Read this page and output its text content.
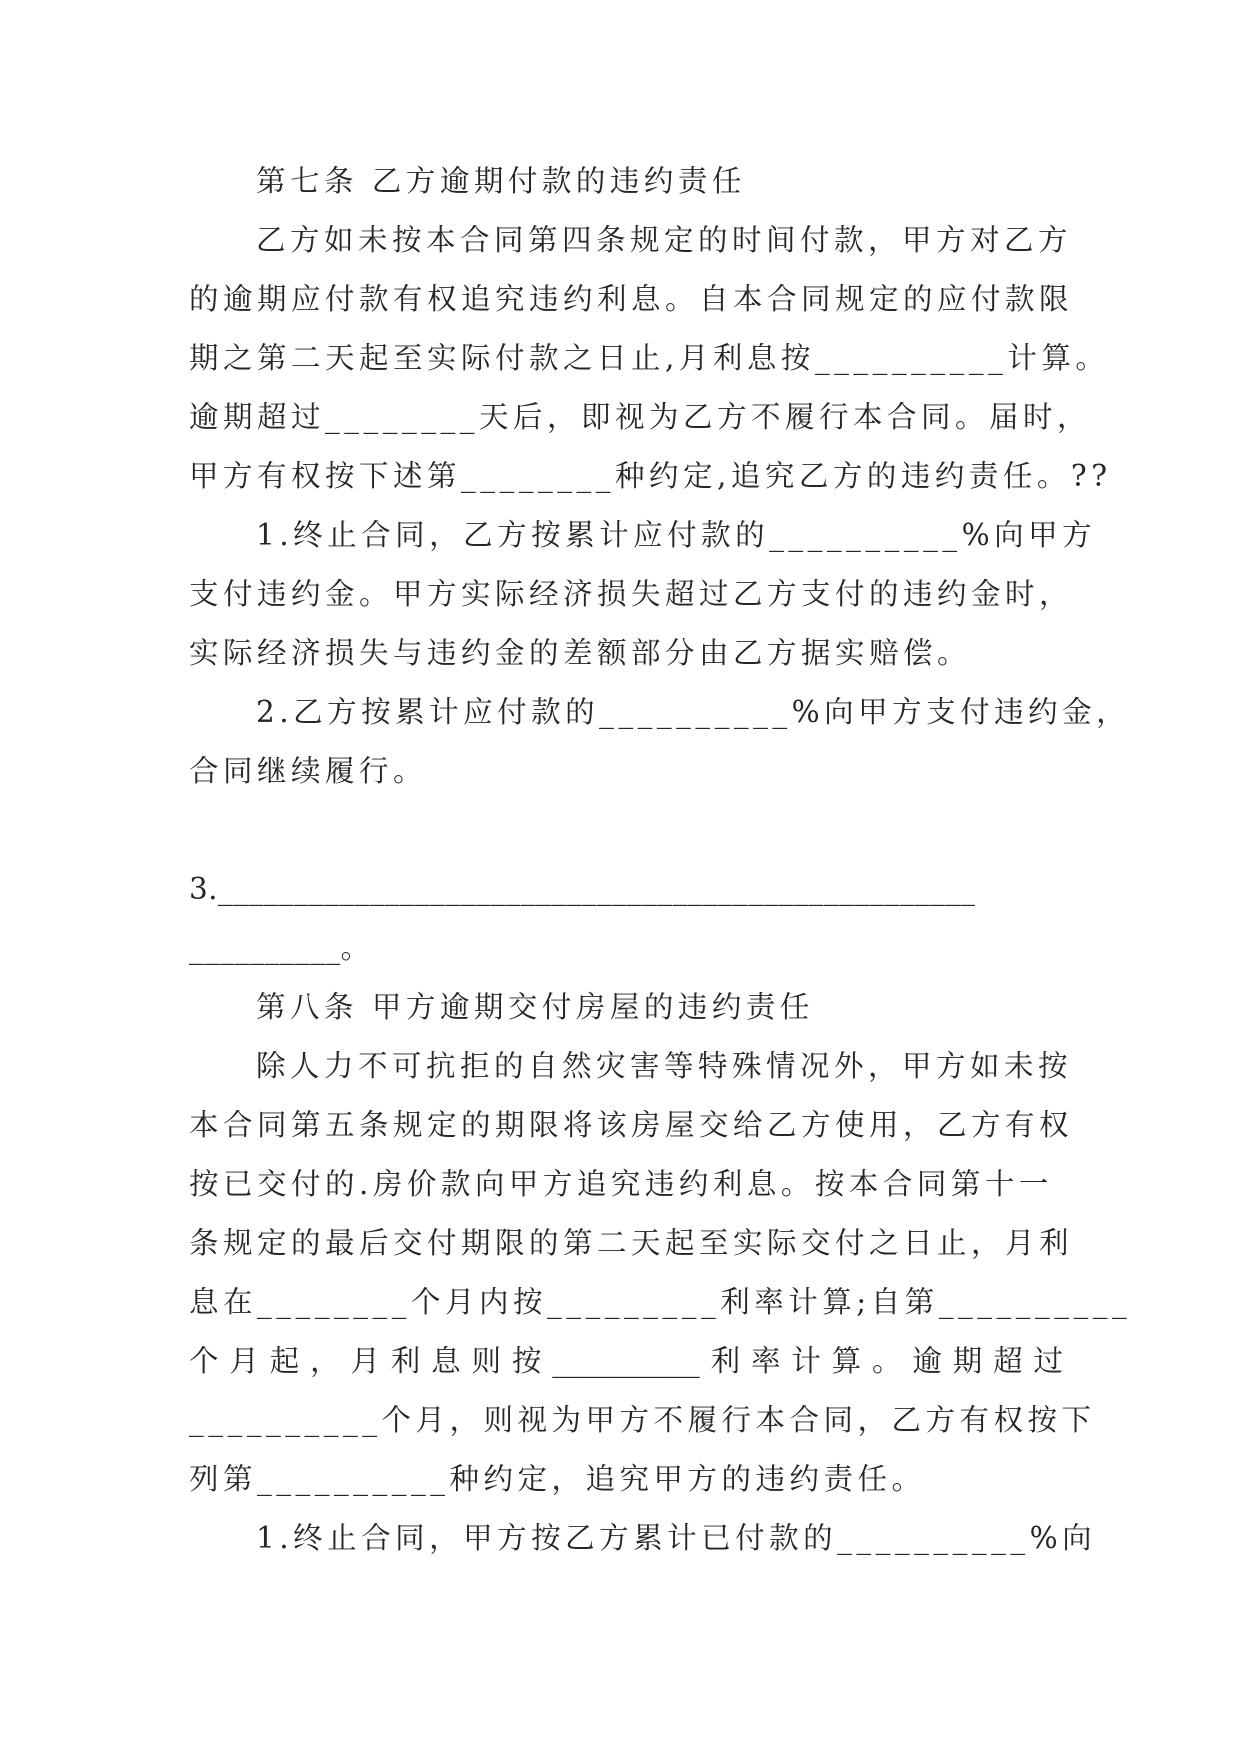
第七条 乙方逾期付款的违约责任

乙方如未按本合同第四条规定的时间付款，甲方对乙方

的逾期应付款有权追究违约利息。自本合同规定的应付款限

期之第二天起至实际付款之日止,月利息按__________计算。

逾期超过________天后，即视为乙方不履行本合同。届时，

甲方有权按下述第________种约定,追究乙方的违约责任。??

1.终止合同，乙方按累计应付款的__________%向甲方

支付违约金。甲方实际经济损失超过乙方支付的违约金时，

实际经济损失与违约金的差额部分由乙方据实赔偿。

2.乙方按累计应付款的__________%向甲方支付违约金，

合同继续履行。

3.__________________________________________________

__________。

第八条 甲方逾期交付房屋的违约责任

除人力不可抗拒的自然灾害等特殊情况外，甲方如未按

本合同第五条规定的期限将该房屋交给乙方使用，乙方有权

按已交付的.房价款向甲方追究违约利息。按本合同第十一

条规定的最后交付期限的第二天起至实际交付之日止，月利

息在________个月内按_________利率计算;自第__________

个月起，月利息则按__________利率计算。逾期超过

__________个月，则视为甲方不履行本合同，乙方有权按下

列第__________种约定，追究甲方的违约责任。

1.终止合同，甲方按乙方累计已付款的__________%向
